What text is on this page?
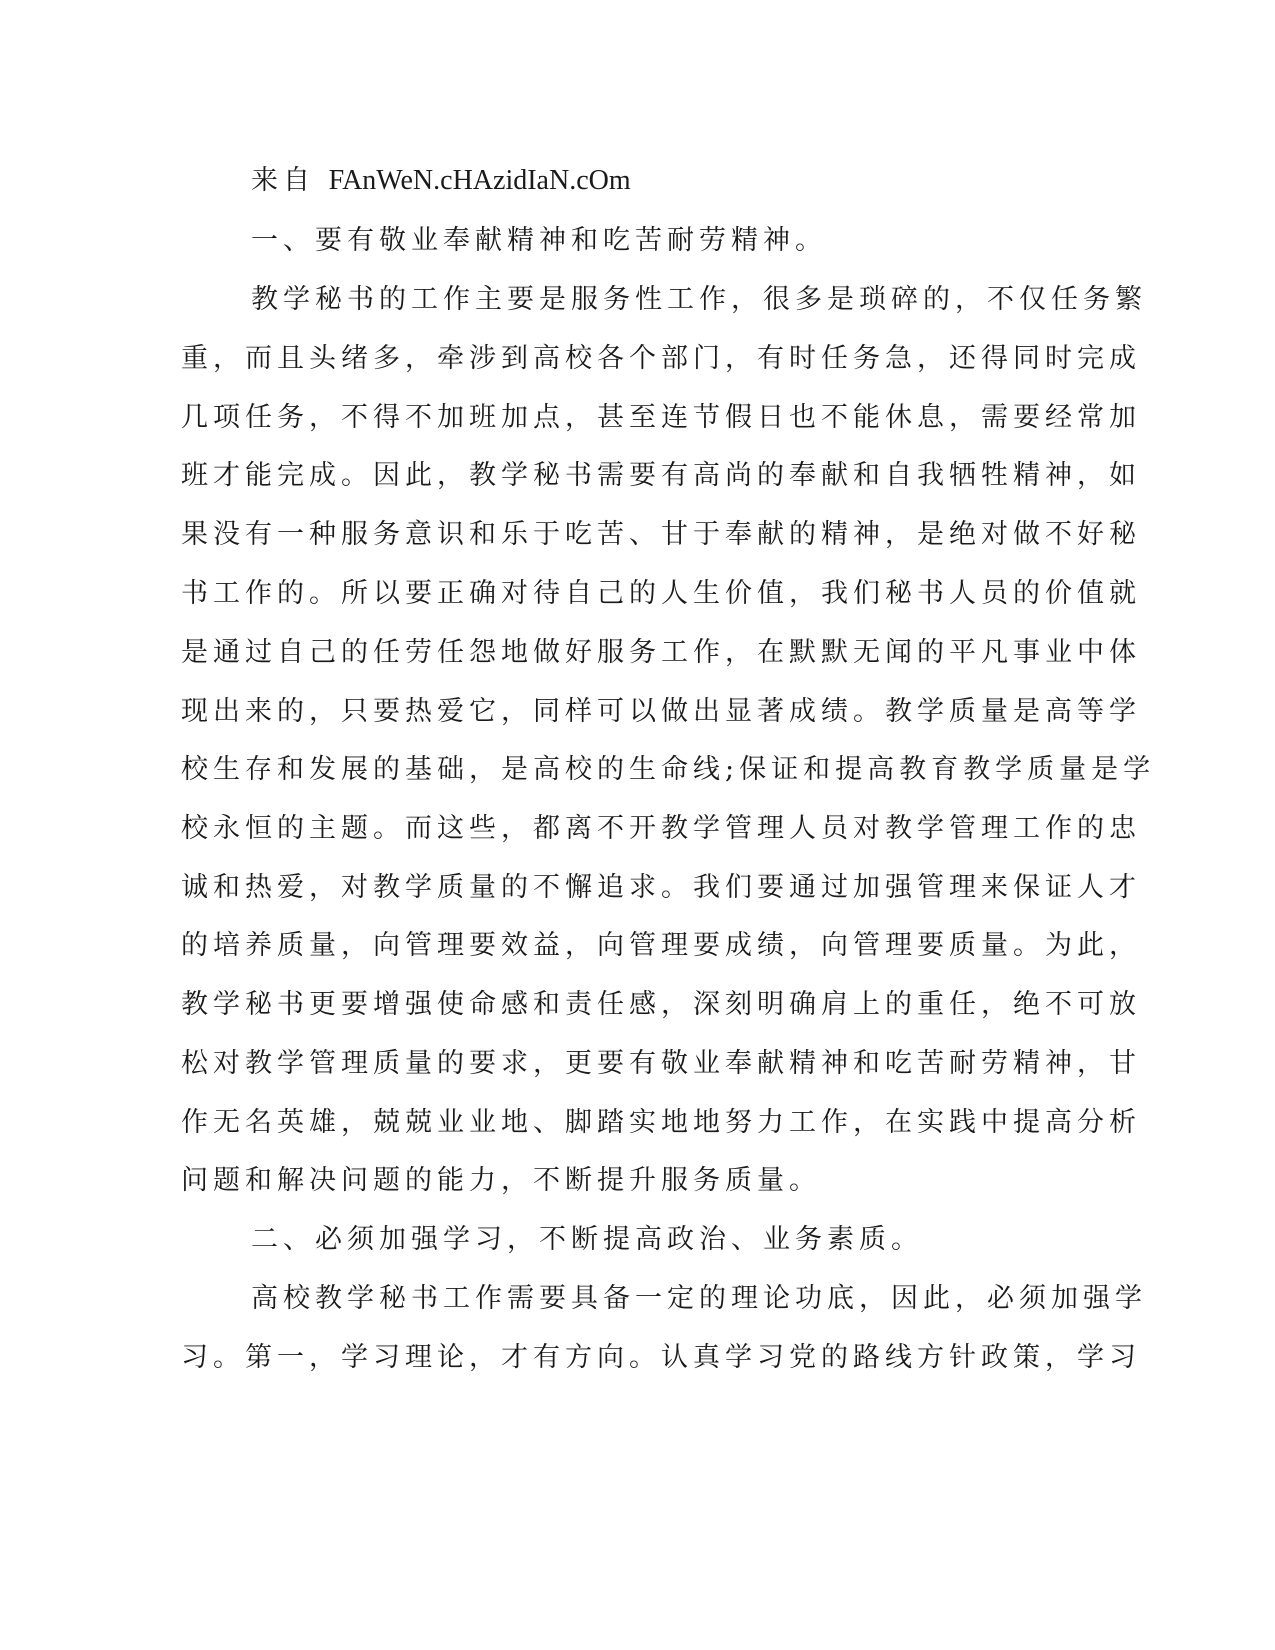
来自 FAnWeN.cHAzidIaN.cOm

一、要有敬业奉献精神和吃苦耐劳精神。

教学秘书的工作主要是服务性工作，很多是琐碎的，不仅任务繁

重，而且头绪多，牵涉到高校各个部门，有时任务急，还得同时完成

几项任务，不得不加班加点，甚至连节假日也不能休息，需要经常加

班才能完成。因此，教学秘书需要有高尚的奉献和自我牺牲精神，如

果没有一种服务意识和乐于吃苦、甘于奉献的精神，是绝对做不好秘

书工作的。所以要正确对待自己的人生价值，我们秘书人员的价值就

是通过自己的任劳任怨地做好服务工作，在默默无闻的平凡事业中体

现出来的，只要热爱它，同样可以做出显著成绩。教学质量是高等学

校生存和发展的基础，是高校的生命线;保证和提高教育教学质量是学

校永恒的主题。而这些，都离不开教学管理人员对教学管理工作的忠

诚和热爱，对教学质量的不懈追求。我们要通过加强管理来保证人才

的培养质量，向管理要效益，向管理要成绩，向管理要质量。为此，

教学秘书更要增强使命感和责任感，深刻明确肩上的重任，绝不可放

松对教学管理质量的要求，更要有敬业奉献精神和吃苦耐劳精神，甘

作无名英雄，兢兢业业地、脚踏实地地努力工作，在实践中提高分析

问题和解决问题的能力，不断提升服务质量。

二、必须加强学习，不断提高政治、业务素质。

高校教学秘书工作需要具备一定的理论功底，因此，必须加强学

习。第一，学习理论，才有方向。认真学习党的路线方针政策，学习
